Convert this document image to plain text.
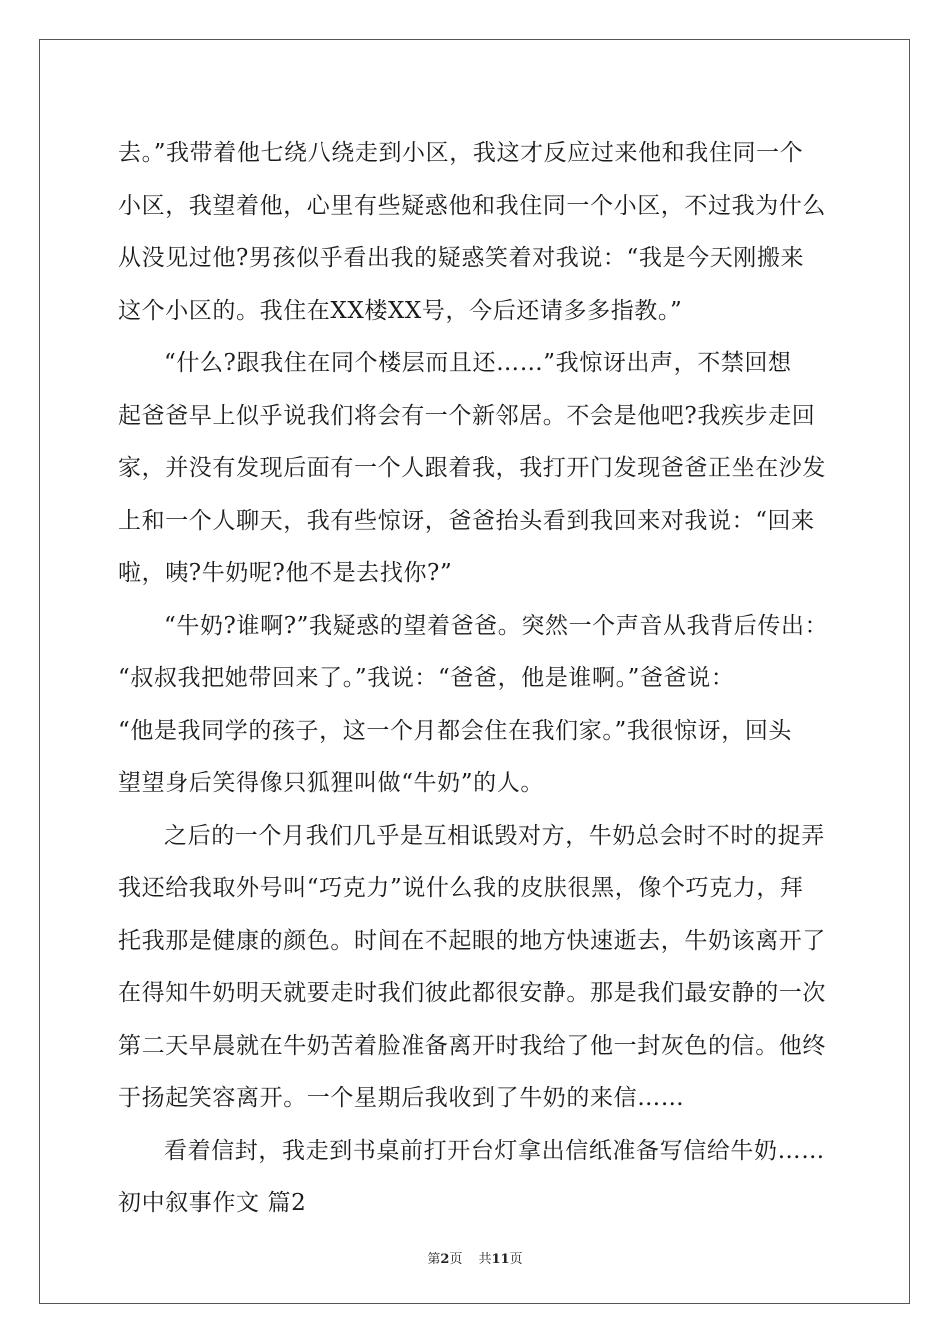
去。”我带着他七绕八绕走到小区，我这才反应过来他和我住同一个
小区，我望着他，心里有些疑惑他和我住同一个小区，不过我为什么
从没见过他?男孩似乎看出我的疑惑笑着对我说：“我是今天刚搬来
这个小区的。我住在XX楼XX号，今后还请多多指教。”
“什么?跟我住在同个楼层而且还……”我惊讶出声，不禁回想
起爸爸早上似乎说我们将会有一个新邻居。不会是他吧?我疾步走回
家，并没有发现后面有一个人跟着我，我打开门发现爸爸正坐在沙发
上和一个人聊天，我有些惊讶，爸爸抬头看到我回来对我说：“回来
啦，咦?牛奶呢?他不是去找你?”
“牛奶?谁啊?”我疑惑的望着爸爸。突然一个声音从我背后传出：
“叔叔我把她带回来了。”我说：“爸爸，他是谁啊。”爸爸说：
“他是我同学的孩子，这一个月都会住在我们家。”我很惊讶，回头
望望身后笑得像只狐狸叫做“牛奶”的人。
之后的一个月我们几乎是互相诋毁对方，牛奶总会时不时的捉弄
我还给我取外号叫“巧克力”说什么我的皮肤很黑，像个巧克力，拜
托我那是健康的颜色。时间在不起眼的地方快速逝去，牛奶该离开了
在得知牛奶明天就要走时我们彼此都很安静。那是我们最安静的一次
第二天早晨就在牛奶苦着脸准备离开时我给了他一封灰色的信。他终
于扬起笑容离开。一个星期后我收到了牛奶的来信……
看着信封，我走到书桌前打开台灯拿出信纸准备写信给牛奶……
初中叙事作文 篇2
第2页 共11页
